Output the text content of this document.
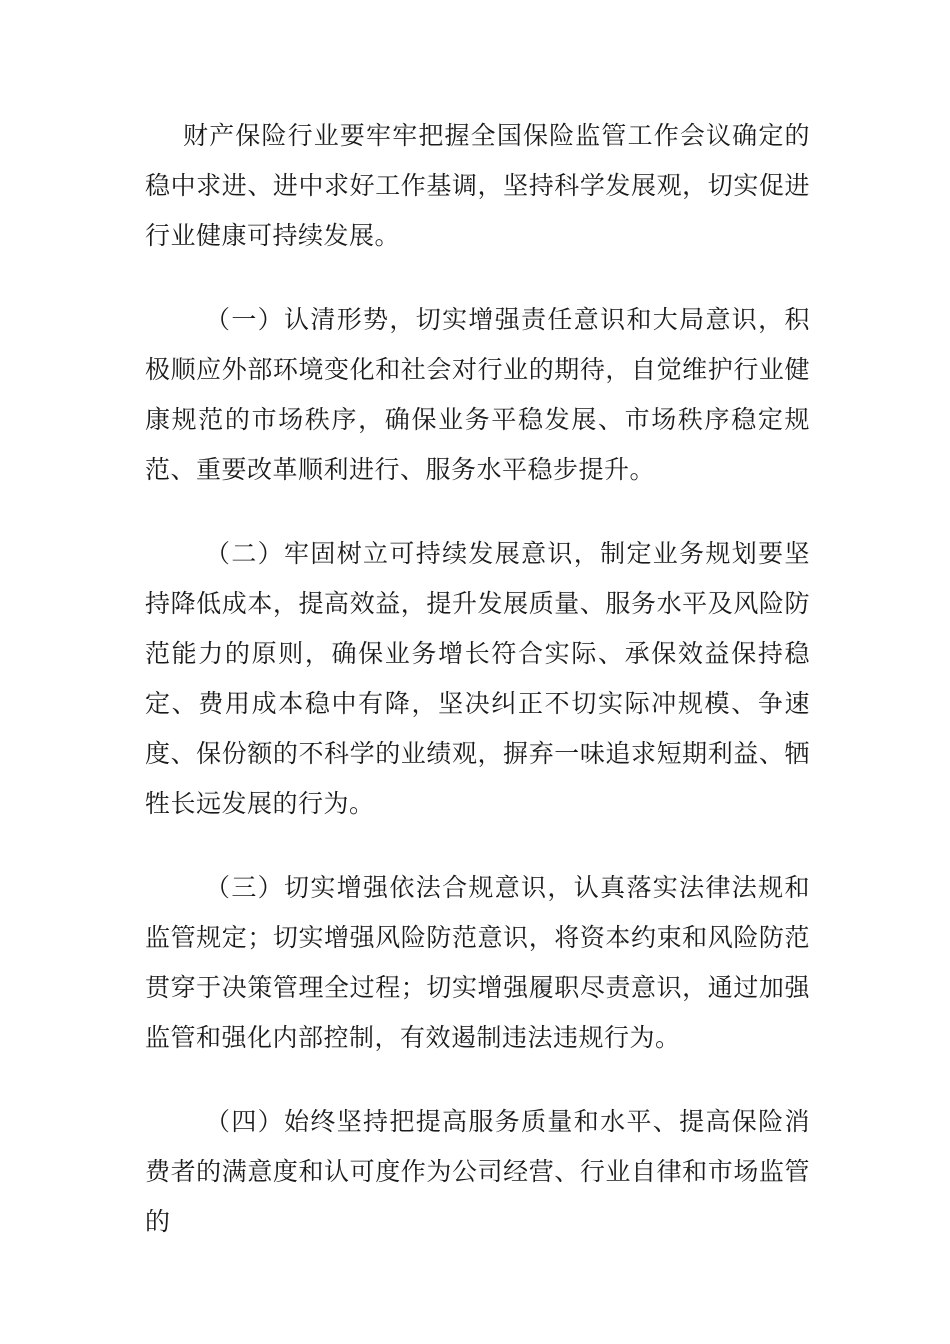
财产保险行业要牢牢把握全国保险监管工作会议确定的稳中求进、进中求好工作基调，坚持科学发展观，切实促进行业健康可持续发展。

（一）认清形势，切实增强责任意识和大局意识，积极顺应外部环境变化和社会对行业的期待，自觉维护行业健康规范的市场秩序，确保业务平稳发展、市场秩序稳定规范、重要改革顺利进行、服务水平稳步提升。

（二）牢固树立可持续发展意识，制定业务规划要坚持降低成本，提高效益，提升发展质量、服务水平及风险防范能力的原则，确保业务增长符合实际、承保效益保持稳定、费用成本稳中有降，坚决纠正不切实际冲规模、争速度、保份额的不科学的业绩观，摒弃一味追求短期利益、牺牲长远发展的行为。

（三）切实增强依法合规意识，认真落实法律法规和监管规定；切实增强风险防范意识，将资本约束和风险防范贯穿于决策管理全过程；切实增强履职尽责意识，通过加强监管和强化内部控制，有效遏制违法违规行为。

（四）始终坚持把提高服务质量和水平、提高保险消费者的满意度和认可度作为公司经营、行业自律和市场监管的
